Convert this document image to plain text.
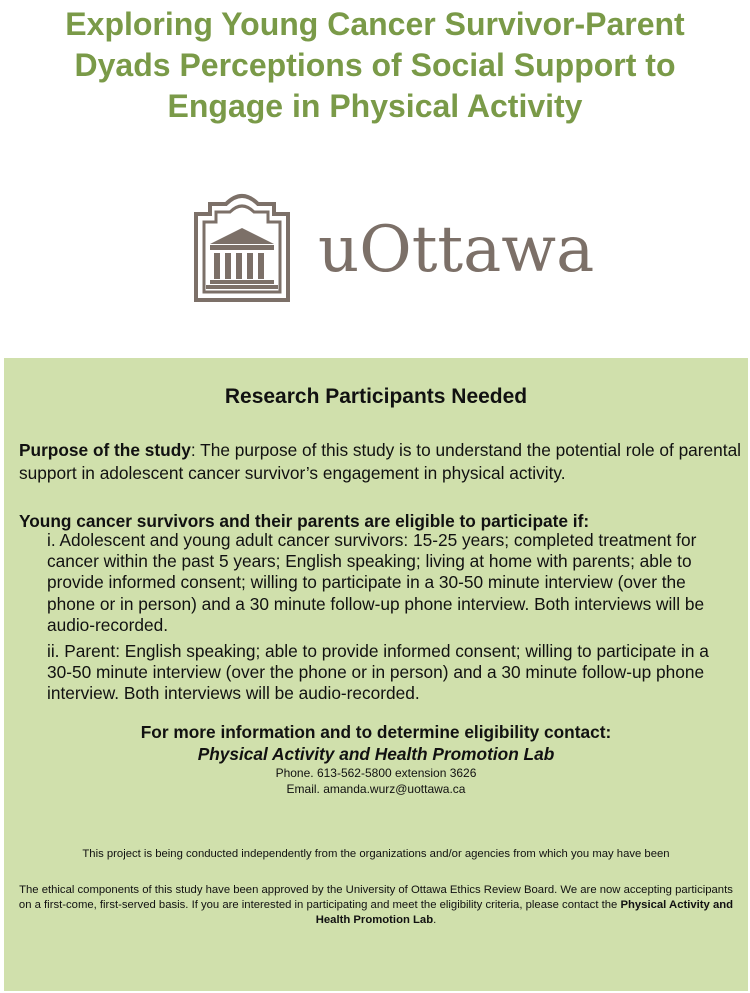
Exploring Young Cancer Survivor-Parent
Dyads Perceptions of Social Support to
Engage in Physical Activity
uOttawa
Research Participants Needed

Purpose of the study: The purpose of this study is to understand the potential role of parental support in adolescent cancer survivor’s engagement in physical activity.

Young cancer survivors and their parents are eligible to participate if:

i. Adolescent and young adult cancer survivors: 15-25 years; completed treatment for cancer within the past 5 years; English speaking; living at home with parents; able to provide informed consent; willing to participate in a 30-50 minute interview (over the phone or in person) and a 30 minute follow-up phone interview. Both interviews will be audio-recorded.

ii. Parent: English speaking; able to provide informed consent; willing to participate in a 30-50 minute interview (over the phone or in person) and a 30 minute follow-up phone interview. Both interviews will be audio-recorded.

For more information and to determine eligibility contact:

Physical Activity and Health Promotion Lab

Phone. 613-562-5800 extension 3626

Email. amanda.wurz@uottawa.ca

This project is being conducted independently from the organizations and/or agencies from which you may have been

The ethical components of this study have been approved by the University of Ottawa Ethics Review Board. We are now accepting participants on a first-come, first-served basis. If you are interested in participating and meet the eligibility criteria, please contact the Physical Activity and Health Promotion Lab.
